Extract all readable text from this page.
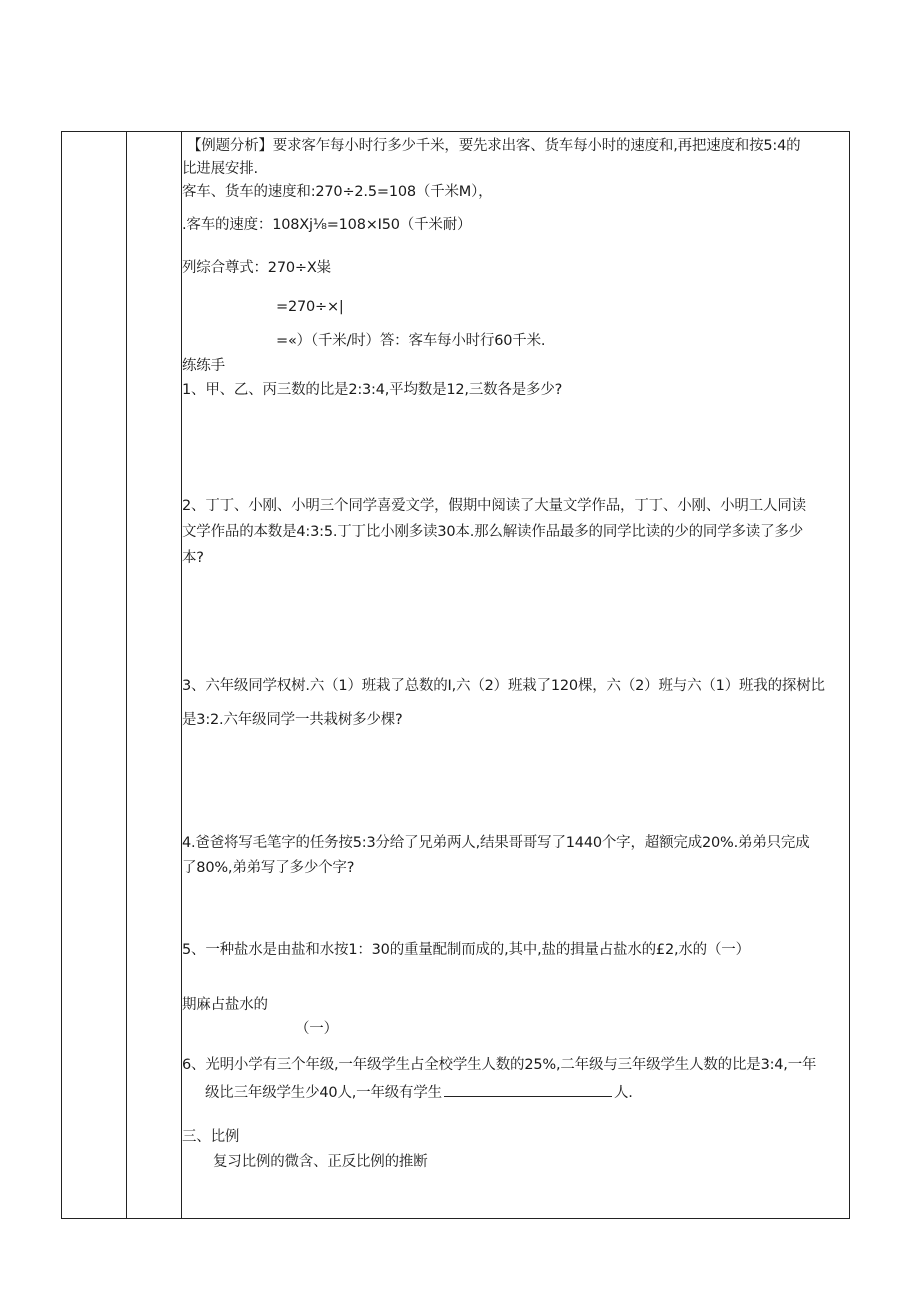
【例题分析】要求客乍每小时行多少千米，要先求出客、货车每小时的速度和,再把速度和按5:4的
比进展安排.
客车、货车的速度和:270÷2.5=108（千米M），
.客车的速度：108Xj⅛=108×I50（千米耐）
列综合尊式：270÷X粜
=270÷×|
=«）（千米/时）答：客车每小时行60千米.
练练手
1、甲、乙、丙三数的比是2:3:4,平均数是12,三数各是多少?
2、丁丁、小刚、小明三个同学喜爱文学，假期中阅读了大量文学作品，丁丁、小刚、小明工人同读
文学作品的本数是4:3:5.丁丁比小刚多读30本.那么解读作品最多的同学比读的少的同学多读了多少
本?
3、六年级同学权树.六（1）班栽了总数的I,六（2）班栽了120棵，六（2）班与六（1）班我的探树比
是3:2.六年级同学一共栽树多少棵?
4.爸爸将写毛笔字的任务按5:3分给了兄弟两人,结果哥哥写了1440个字，超额完成20%.弟弟只完成
了80%,弟弟写了多少个字?
5、一种盐水是由盐和水按1：30的重量配制而成的,其中,盐的揖量占盐水的£2,水的（一）
期麻占盐水的
（一）
6、光明小学有三个年级,一年级学生占全校学生人数的25%,二年级与三年级学生人数的比是3:4,一年
级比三年级学生少40人,一年级有学生	人.
三、比例
复习比例的微含、正反比例的推断
